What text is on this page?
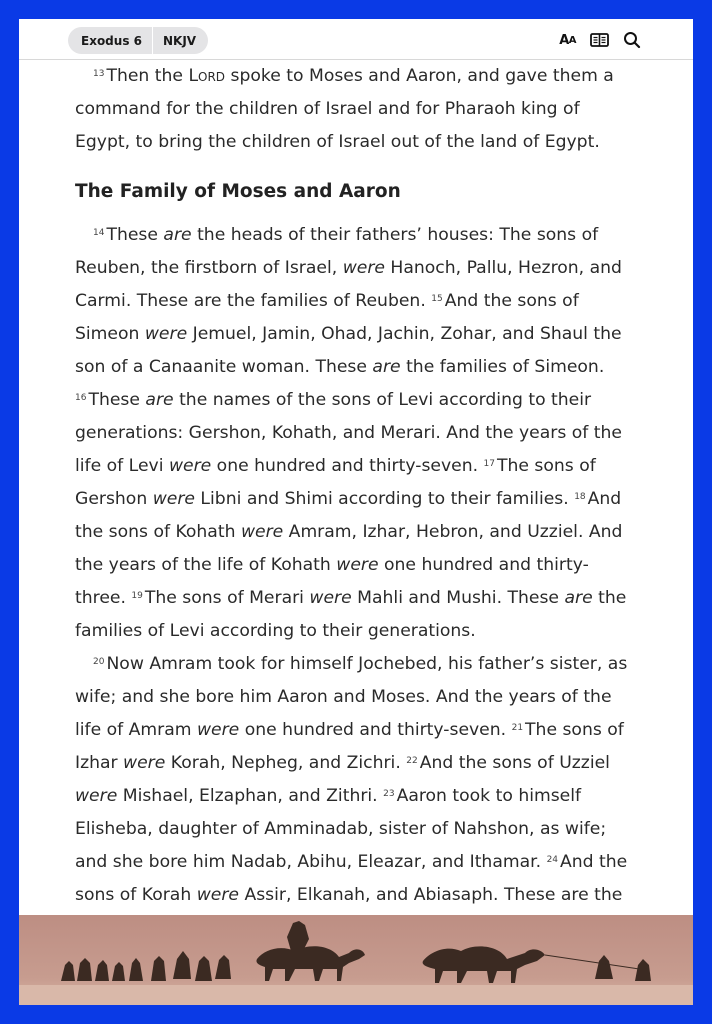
Exodus 6	NKJV	A A

$^{13}$ Then the Lord spoke to Moses and Aaron, and gave them a command for the children of Israel and for Pharaoh king of Egypt, to bring the children of Israel out of the land of Egypt.

The Family of Moses and Aaron

$^{14}$ These are the heads of their fathers’ houses: The sons of Reuben, the firstborn of Israel, were Hanoch, Pallu, Hezron, and Carmi. These are the families of Reuben. $^{15}$ And the sons of Simeon were Jemuel, Jamin, Ohad, Jachin, Zohar, and Shaul the son of a Canaanite woman. These are the families of Simeon. $^{16}$ These are the names of the sons of Levi according to their generations: Gershon, Kohath, and Merari. And the years of the life of Levi were one hundred and thirty-seven. $^{17}$ The sons of Gershon were Libni and Shimi according to their families. $^{18}$ And the sons of Kohath were Amram, Izhar, Hebron, and Uzziel. And the years of the life of Kohath were one hundred and thirty-three. $^{19}$ The sons of Merari were Mahli and Mushi. These are the families of Levi according to their generations.

$^{20}$ Now Amram took for himself Jochebed, his father’s sister, as wife; and she bore him Aaron and Moses. And the years of the life of Amram were one hundred and thirty-seven. $^{21}$ The sons of Izhar were Korah, Nepheg, and Zichri. $^{22}$ And the sons of Uzziel were Mishael, Elzaphan, and Zithri. $^{23}$ Aaron took to himself Elisheba, daughter of Amminadab, sister of Nahshon, as wife; and she bore him Nadab, Abihu, Eleazar, and Ithamar. $^{24}$ And the sons of Korah were Assir, Elkanah, and Abiasaph. These are the
